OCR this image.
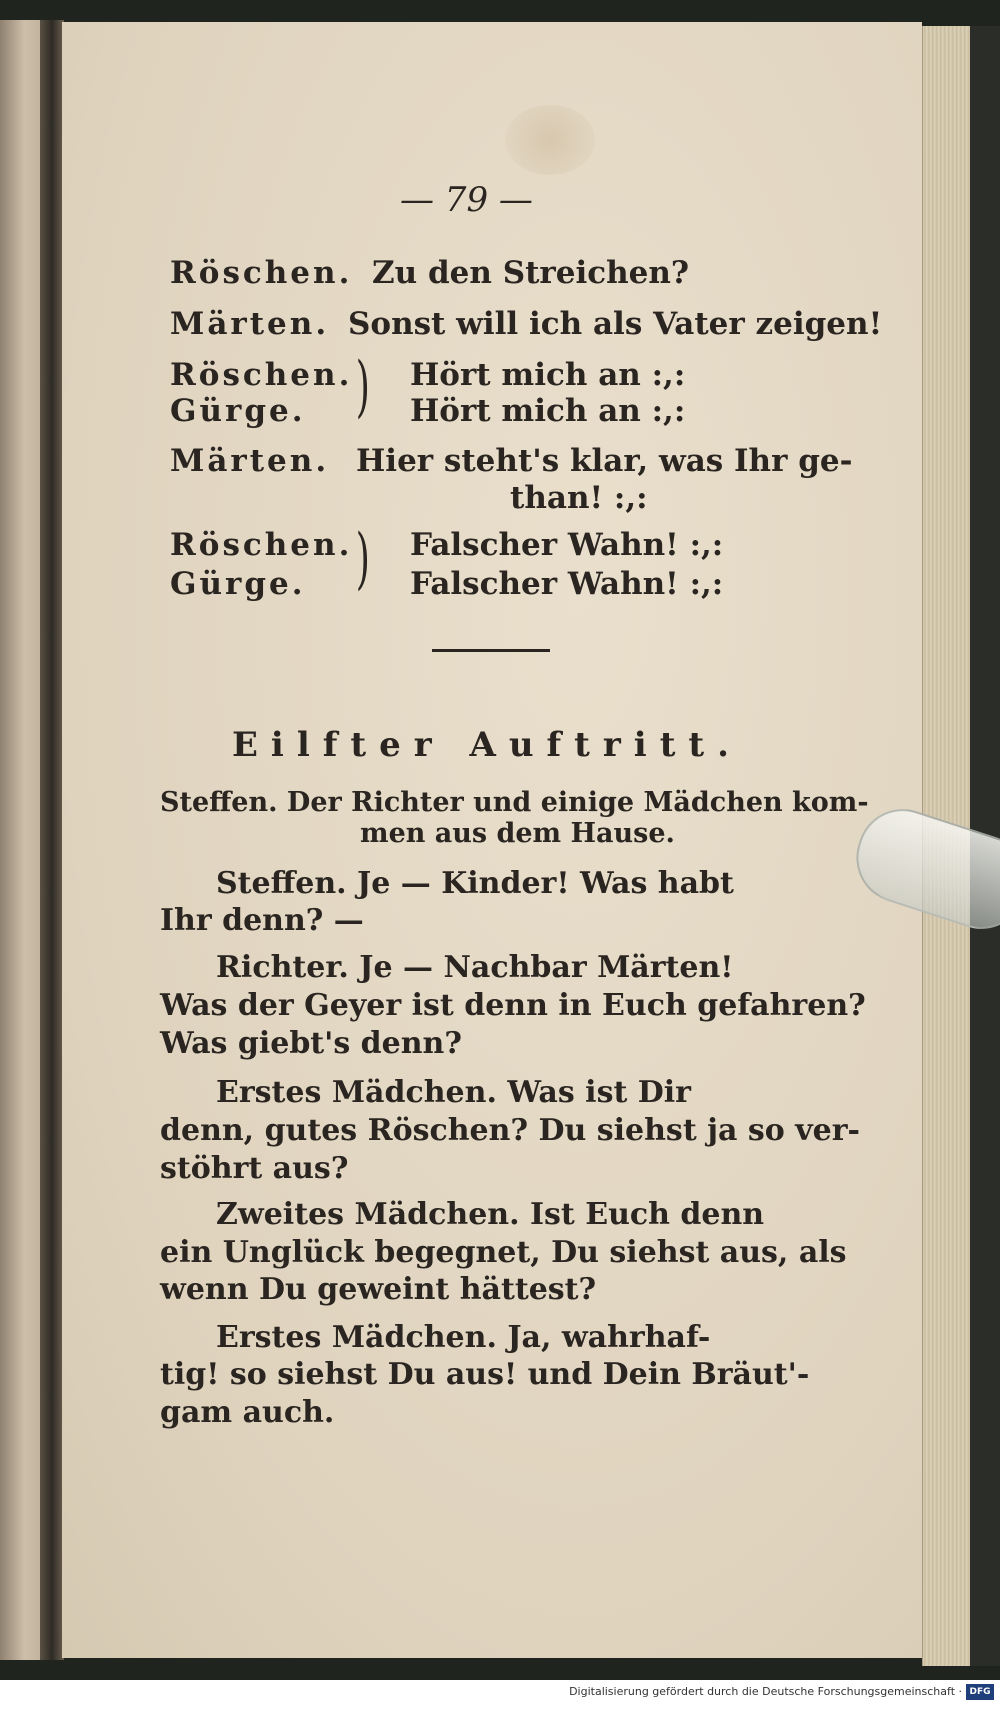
— 79 —
Röschen. Zu den Streichen?
Märten. Sonst will ich als Vater zeigen!
Röschen.
Gürge. ) Hört mich an :,:
Hört mich an :,:
Märten. Hier steht's klar, was Ihr ge-
than! :,:
Röschen.
Gürge. ) Falscher Wahn! :,:
Falscher Wahn! :,:
Eilfter Auftritt.
Steffen. Der Richter und einige Mädchen kom-
men aus dem Hause.
Steffen. Je — Kinder! Was habt
Ihr denn? —
Richter. Je — Nachbar Märten!
Was der Geyer ist denn in Euch gefahren?
Was giebt's denn?
Erstes Mädchen. Was ist Dir
denn, gutes Röschen? Du siehst ja so ver-
stöhrt aus?
Zweites Mädchen. Ist Euch denn
ein Unglück begegnet, Du siehst aus, als
wenn Du geweint hättest?
Erstes Mädchen. Ja, wahrhaf-
tig! so siehst Du aus! und Dein Bräut'-
gam auch.
Digitalisierung gefördert durch die Deutsche Forschungsgemeinschaft · DFG
